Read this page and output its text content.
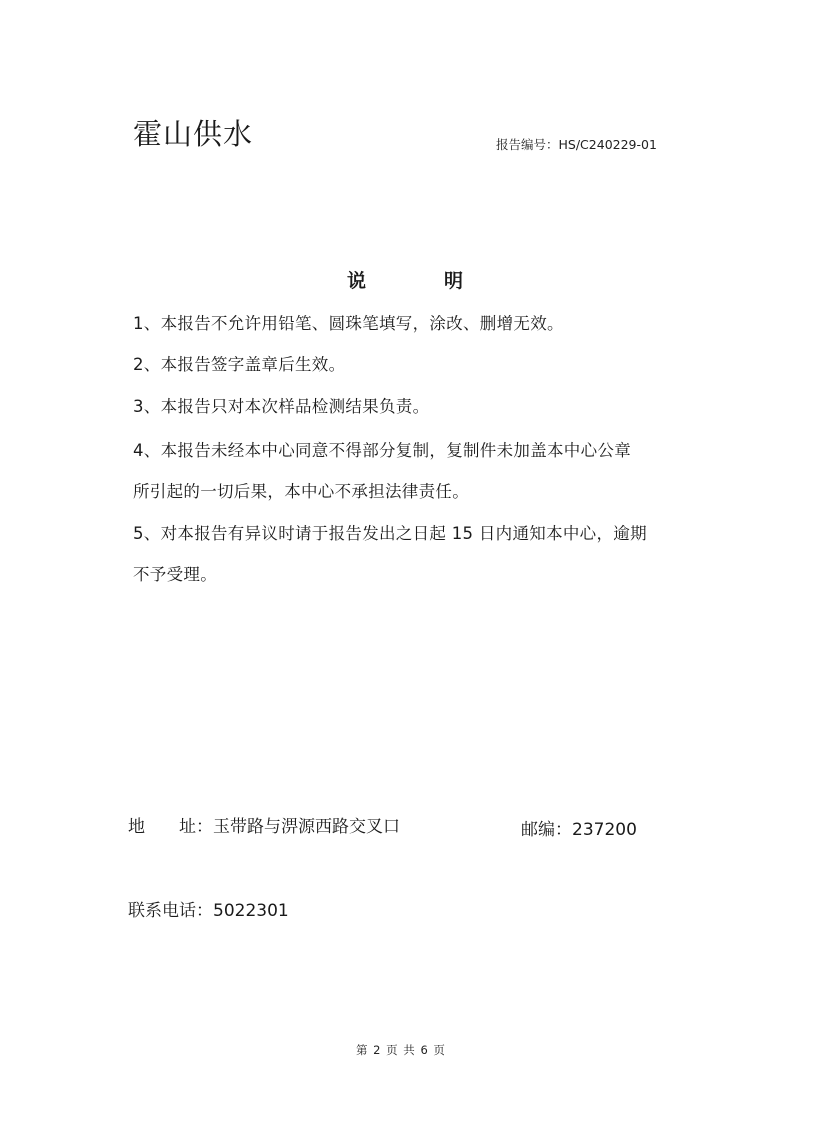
霍山供水	报告编号：HS/C240229-01
说	明
1、本报告不允许用铅笔、圆珠笔填写，涂改、删增无效。
2、本报告签字盖章后生效。
3、本报告只对本次样品检测结果负责。
4、本报告未经本中心同意不得部分复制，复制件未加盖本中心公章
所引起的一切后果，本中心不承担法律责任。
5、对本报告有异议时请于报告发出之日起 15 日内通知本中心，逾期
不予受理。
地　　址：玉带路与淠源西路交叉口	邮编：237200
联系电话：5022301
第 2 页 共 6 页
